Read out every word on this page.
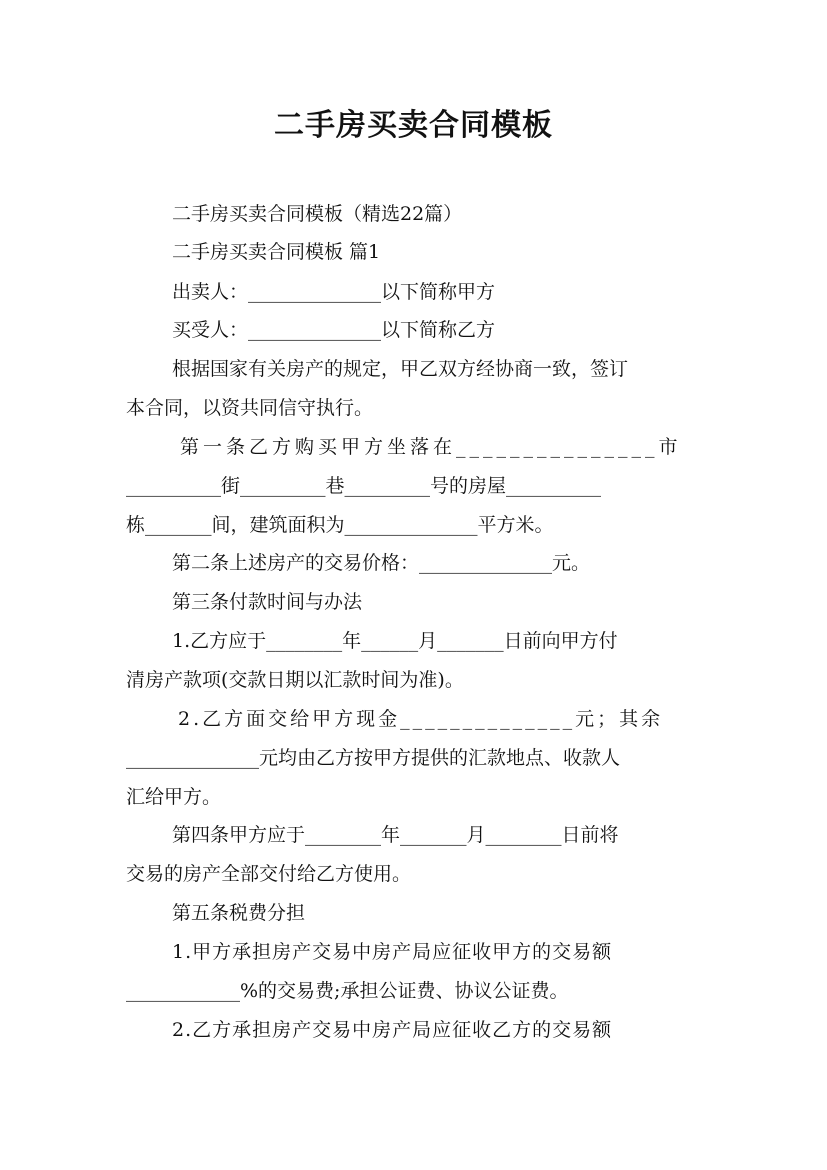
二手房买卖合同模板
二手房买卖合同模板（精选22篇）
二手房买卖合同模板 篇1
出卖人：______________以下简称甲方
买受人：______________以下简称乙方
根据国家有关房产的规定，甲乙双方经协商一致，签订
本合同，以资共同信守执行。
第一条乙方购买甲方坐落在_______________市
__________街_________巷_________号的房屋__________
栋_______间，建筑面积为______________平方米。
第二条上述房产的交易价格：______________元。
第三条付款时间与办法
1.乙方应于________年______月_______日前向甲方付
清房产款项(交款日期以汇款时间为准)。
2.乙方面交给甲方现金______________元；其余
______________元均由乙方按甲方提供的汇款地点、收款人
汇给甲方。
第四条甲方应于________年_______月________日前将
交易的房产全部交付给乙方使用。
第五条税费分担
1.甲方承担房产交易中房产局应征收甲方的交易额
____________%的交易费;承担公证费、协议公证费。
2.乙方承担房产交易中房产局应征收乙方的交易额
